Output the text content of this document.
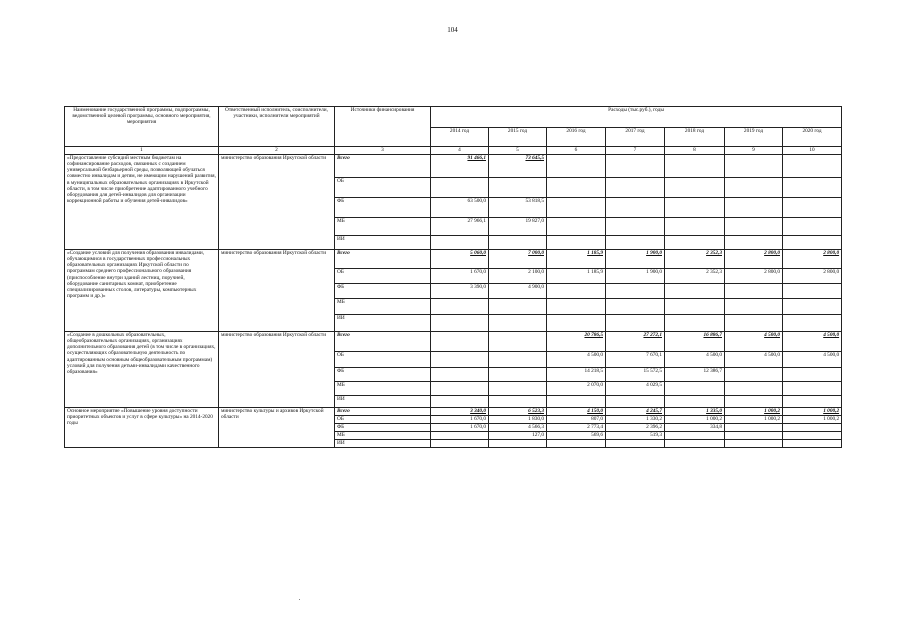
104
Наименование государственной программы, подпрограммы, ведомственной целевой программы, основного мероприятия, мероприятия	Ответственный исполнитель, соисполнители, участники, исполнители мероприятий	Источники финансирования	Расходы (тыс.руб.), годы						
			2014 год	2015 год	2016 год	2017 год	2018 год	2019 год	2020 год
1	2	3	4	5	6	7	8	9	10
«Предоставление субсидий местным бюджетам на софинансирование расходов, связанных с созданием универсальной безбарьерной среды, позволяющей обучаться совместно инвалидам и детям, не имеющим нарушений развития, в муниципальных образовательных организациях в Иркутской области, в том числе приобретение адаптированного учебного оборудования для детей-инвалидов для организации коррекционной работы и обучения детей-инвалидов»	министерство образования Иркутской области	Всего	91 466,1	73 645,5					
		ОБ							
		ФБ	63 500,0	53 818,5					
		МБ	27 966,1	19 827,0					
		ИИ							
«Создание условий для получения образования инвалидами, обучающимися в государственных профессиональных образовательных организациях Иркутской области по программам среднего профессионального образования (приспособление внутри зданий лестниц, поручней, оборудование санитарных комнат, приобретение специализированных столов, литературы, компьютерных программ и др.)»	министерство образования Иркутской области	Всего	5 060,0	7 000,0	1 185,9	1 900,0	2 352,3	2 800,0	2 800,0
		ОБ	1 670,0	2 100,0	1 185,9	1 900,0	2 352,3	2 800,0	2 800,0
		ФБ	3 390,0	4 900,0					
		МБ							
		ИИ							
«Создание в дошкольных образовательных, общеобразовательных организациях, организациях дополнительного образования детей (в том числе в организациях, осуществляющих образовательную деятельность по адаптированным основным общеобразовательным программам) условий для получения детьми-инвалидами качественного образования»	министерство образования Иркутской области	Всего			20 786,5	27 272,1	16 886,7	4 500,0	4 500,0
		ОБ			4 500,0	7 670,1	4 500,0	4 500,0	4 500,0
		ФБ			14 218,5	15 572,5	12 386,7		
		МБ			2 070,0	4 029,5			
		ИИ							
Основное мероприятие «Повышение уровня доступности приоритетных объектов и услуг в сфере культуры» на 2014-2020 годы	министерство культуры и архивов Иркутской области	Всего	3 340,0	6 523,3	4 150,0	4 245,7	1 335,0	1 000,2	1 000,2
		ОБ	1 670,0	1 830,0	807,0	1 330,2	1 000,2	1 000,2	1 000,2
		ФБ	1 670,0	4 566,3	2 773,4	2 396,2	334,8		
		МБ		127,0	569,6	519,3			
		ИИ							
